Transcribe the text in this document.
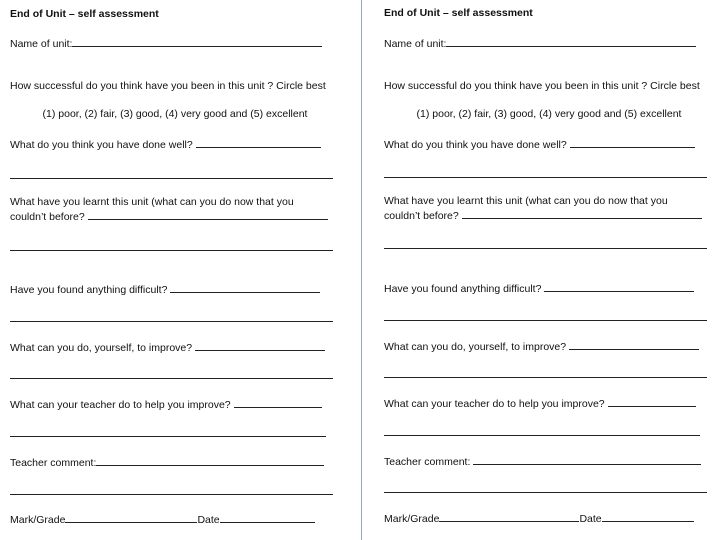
End of Unit – self assessment
Name of unit:
How successful do you think have you been in this unit ? Circle best
(1) poor, (2) fair, (3) good, (4) very good and (5) excellent
What do you think you have done well?
What have you learnt this unit (what can you do now that you
couldn’t before?
Have you found anything difficult?
What can you do, yourself, to improve?
What can your teacher do to help you improve?
Teacher comment:
Mark/Grade	Date
End of Unit – self assessment
Name of unit:
How successful do you think have you been in this unit ? Circle best
(1) poor, (2) fair, (3) good, (4) very good and (5) excellent
What do you think you have done well?
What have you learnt this unit (what can you do now that you
couldn’t before?
Have you found anything difficult?
What can you do, yourself, to improve?
What can your teacher do to help you improve?
Teacher comment:
Mark/Grade	Date
